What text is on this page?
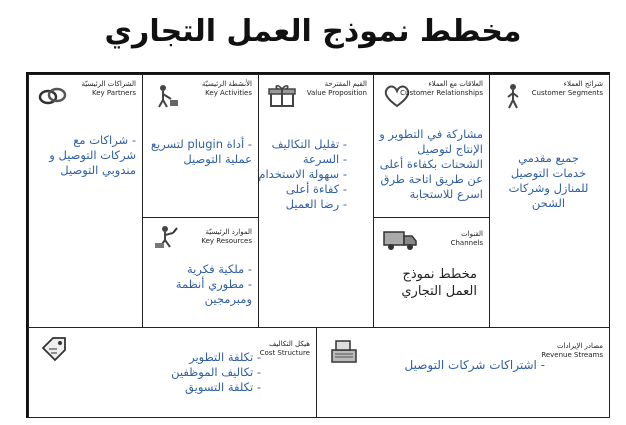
مخطط نموذج العمل التجاري
الشراكات الرئيسيّة
Key Partners
- شراكات مع
شركات التوصيل و
مندوبي التوصيل
الأنشطة الرئيسيّة
Key Activities
- أداة plugin لتسريع
عملية التوصيل
الموارد الرئيسيّة
Key Resources
- ملكية فكرية
- مطوري أنظمة
ومبرمجين
القيم المقترحة
Value Proposition
- تقليل التكاليف
- السرعة
- سهولة الاستخدام
- كفاءة أعلى
- رضا العميل
العلاقات مع العملاء
Customer Relationships
مشاركة في التطوير و
الإنتاج لتوصيل
الشحنات بكفاءة أعلى
عن طريق اتاحة طرق
اسرع للاستجابة
القنوات
Channels
مخطط نموذج
العمل التجاري
شرائح العملاء
Customer Segments
جميع مقدمي
خدمات التوصيل
للمنازل وشركات
الشحن
هيكل التكاليف
Cost Structure
- تكلفة التطوير
- تكاليف الموظفين
- تكلفة التسويق
مصادر الإيرادات
Revenue Streams
- اشتراكات شركات التوصيل
